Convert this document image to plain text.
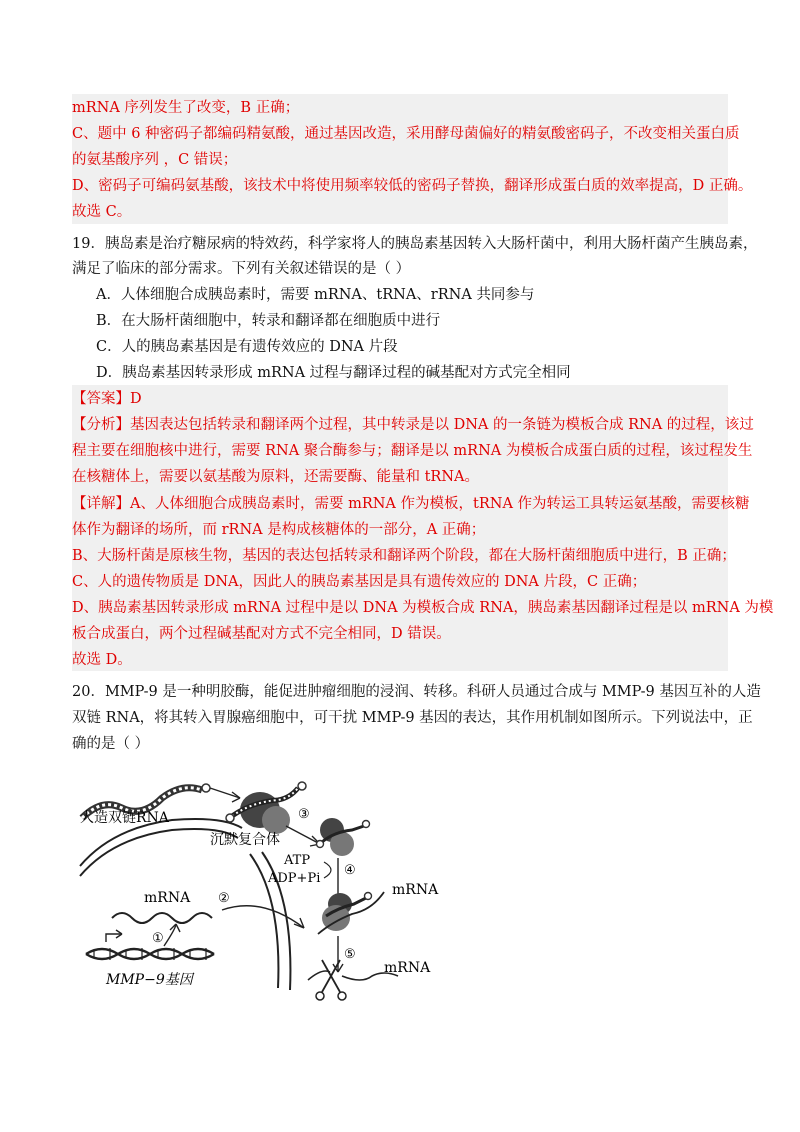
mRNA 序列发生了改变，B 正确；
C、题中 6 种密码子都编码精氨酸，通过基因改造，采用酵母菌偏好的精氨酸密码子，不改变相关蛋白质
的氨基酸序列 ，C 错误；
D、密码子可编码氨基酸，该技术中将使用频率较低的密码子替换，翻译形成蛋白质的效率提高，D 正确。
故选 C。
19．胰岛素是治疗糖尿病的特效药，科学家将人的胰岛素基因转入大肠杆菌中，利用大肠杆菌产生胰岛素，
满足了临床的部分需求。下列有关叙述错误的是（ ）
A．人体细胞合成胰岛素时，需要 mRNA、tRNA、rRNA 共同参与
B．在大肠杆菌细胞中，转录和翻译都在细胞质中进行
C．人的胰岛素基因是有遗传效应的 DNA 片段
D．胰岛素基因转录形成 mRNA 过程与翻译过程的碱基配对方式完全相同
【答案】D
【分析】基因表达包括转录和翻译两个过程，其中转录是以 DNA 的一条链为模板合成 RNA 的过程，该过
程主要在细胞核中进行，需要 RNA 聚合酶参与；翻译是以 mRNA 为模板合成蛋白质的过程，该过程发生
在核糖体上，需要以氨基酸为原料，还需要酶、能量和 tRNA。
【详解】A、人体细胞合成胰岛素时，需要 mRNA 作为模板，tRNA 作为转运工具转运氨基酸，需要核糖
体作为翻译的场所，而 rRNA 是构成核糖体的一部分，A 正确；
B、大肠杆菌是原核生物，基因的表达包括转录和翻译两个阶段，都在大肠杆菌细胞质中进行，B 正确；
C、人的遗传物质是 DNA，因此人的胰岛素基因是具有遗传效应的 DNA 片段，C 正确；
D、胰岛素基因转录形成 mRNA 过程中是以 DNA 为模板合成 RNA，胰岛素基因翻译过程是以 mRNA 为模
板合成蛋白，两个过程碱基配对方式不完全相同，D 错误。
故选 D。
20．MMP-9 是一种明胶酶，能促进肿瘤细胞的浸润、转移。科研人员通过合成与 MMP-9 基因互补的人造
双链 RNA，将其转入胃腺癌细胞中，可干扰 MMP-9 基因的表达，其作用机制如图所示。下列说法中，正
确的是（ ）
人造双链RNA
沉默复合体
③
ATP
ADP+Pi
④
mRNA
⑤
mRNA
mRNA ②
①
MMP−9基因
